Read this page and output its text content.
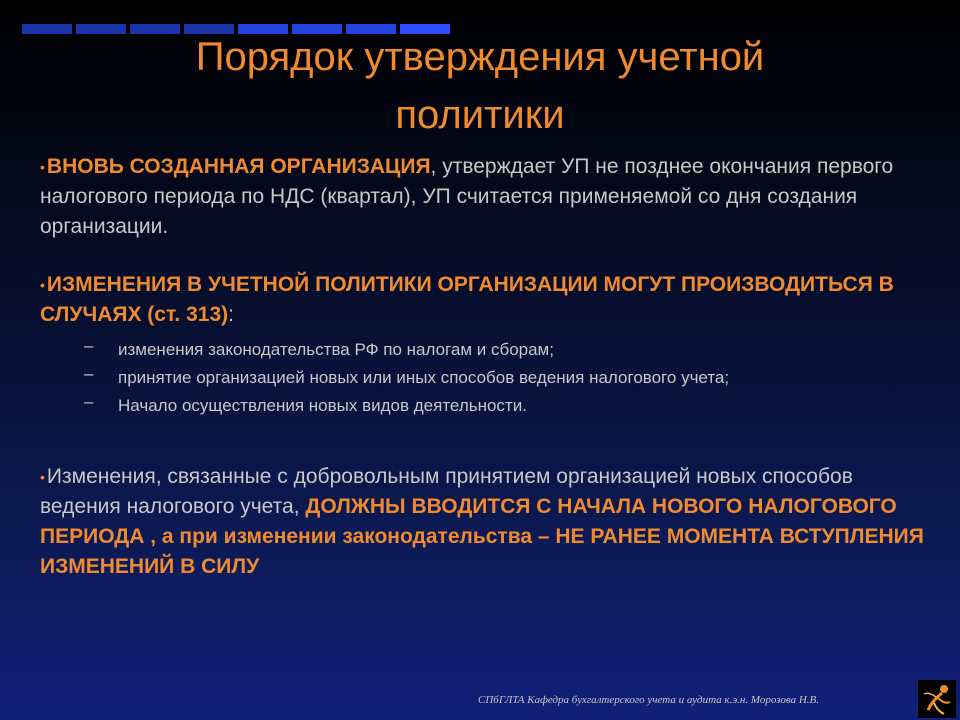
Порядок утверждения учетной
политики

•ВНОВЬ СОЗДАННАЯ ОРГАНИЗАЦИЯ, утверждает УП не позднее окончания первого налогового периода по НДС (квартал), УП считается применяемой со дня создания организации.

•ИЗМЕНЕНИЯ В УЧЕТНОЙ ПОЛИТИКИ ОРГАНИЗАЦИИ МОГУТ ПРОИЗВОДИТЬСЯ В СЛУЧАЯХ (ст. 313):

– изменения законодательства РФ по налогам и сборам;
– принятие организацией новых или иных способов ведения налогового учета;
– Начало осуществления новых видов деятельности.

•Изменения, связанные с добровольным принятием организацией новых способов ведения налогового учета, ДОЛЖНЫ ВВОДИТСЯ С НАЧАЛА НОВОГО НАЛОГОВОГО ПЕРИОДА , а при изменении законодательства – НЕ РАНЕЕ МОМЕНТА ВСТУПЛЕНИЯ ИЗМЕНЕНИЙ В СИЛУ

СПбГЛТА Кафедра бухгалтерского учета и аудита к.э.н. Морозова Н.В.
